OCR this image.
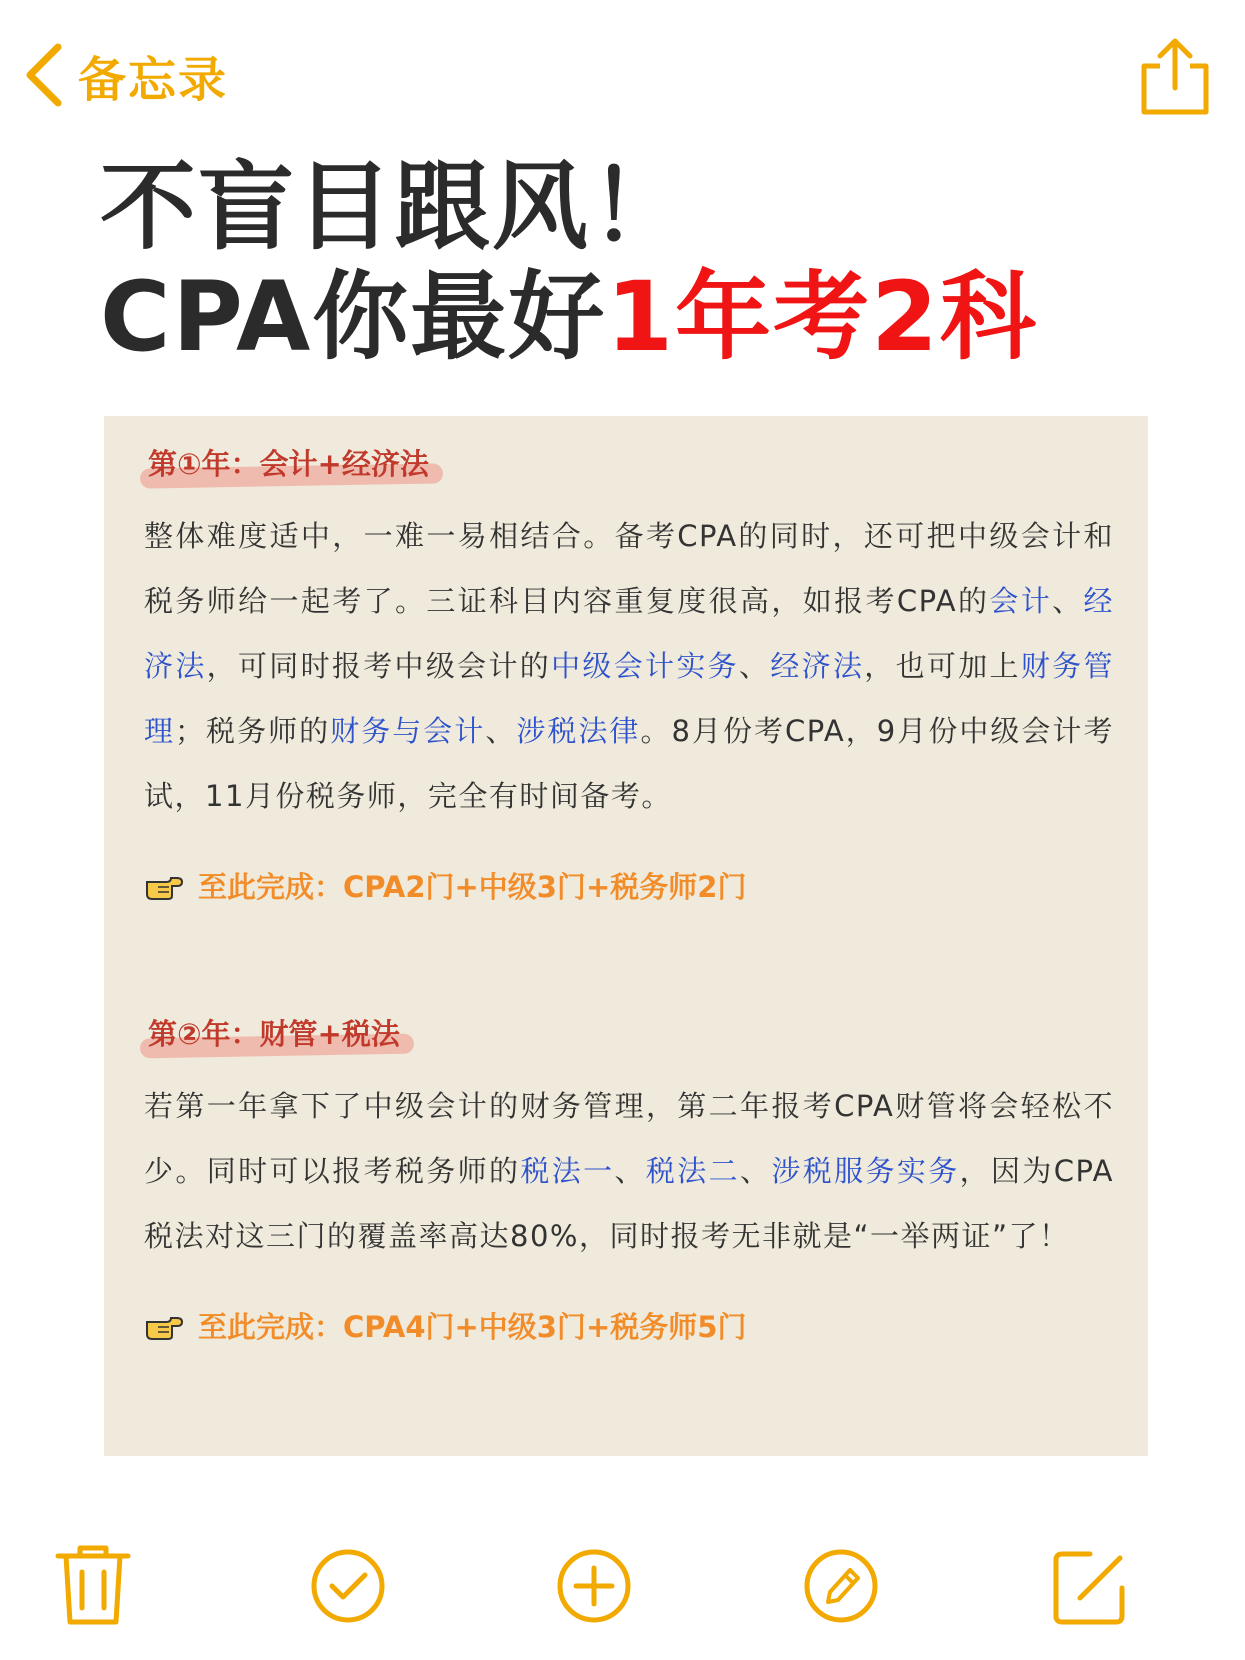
备忘录
不盲目跟风！
CPA你最好1年考2科
第①年：会计+经济法
整体难度适中，一难一易相结合。备考CPA的同时，还可把中级会计和税务师给一起考了。三证科目内容重复度很高，如报考CPA的会计、经济法，可同时报考中级会计的中级会计实务、经济法，也可加上财务管理；税务师的财务与会计、涉税法律。8月份考CPA，9月份中级会计考试，11月份税务师，完全有时间备考。
至此完成：CPA2门+中级3门+税务师2门
第②年：财管+税法
若第一年拿下了中级会计的财务管理，第二年报考CPA财管将会轻松不少。同时可以报考税务师的税法一、税法二、涉税服务实务，因为CPA税法对这三门的覆盖率高达80%，同时报考无非就是“一举两证”了！
至此完成：CPA4门+中级3门+税务师5门
